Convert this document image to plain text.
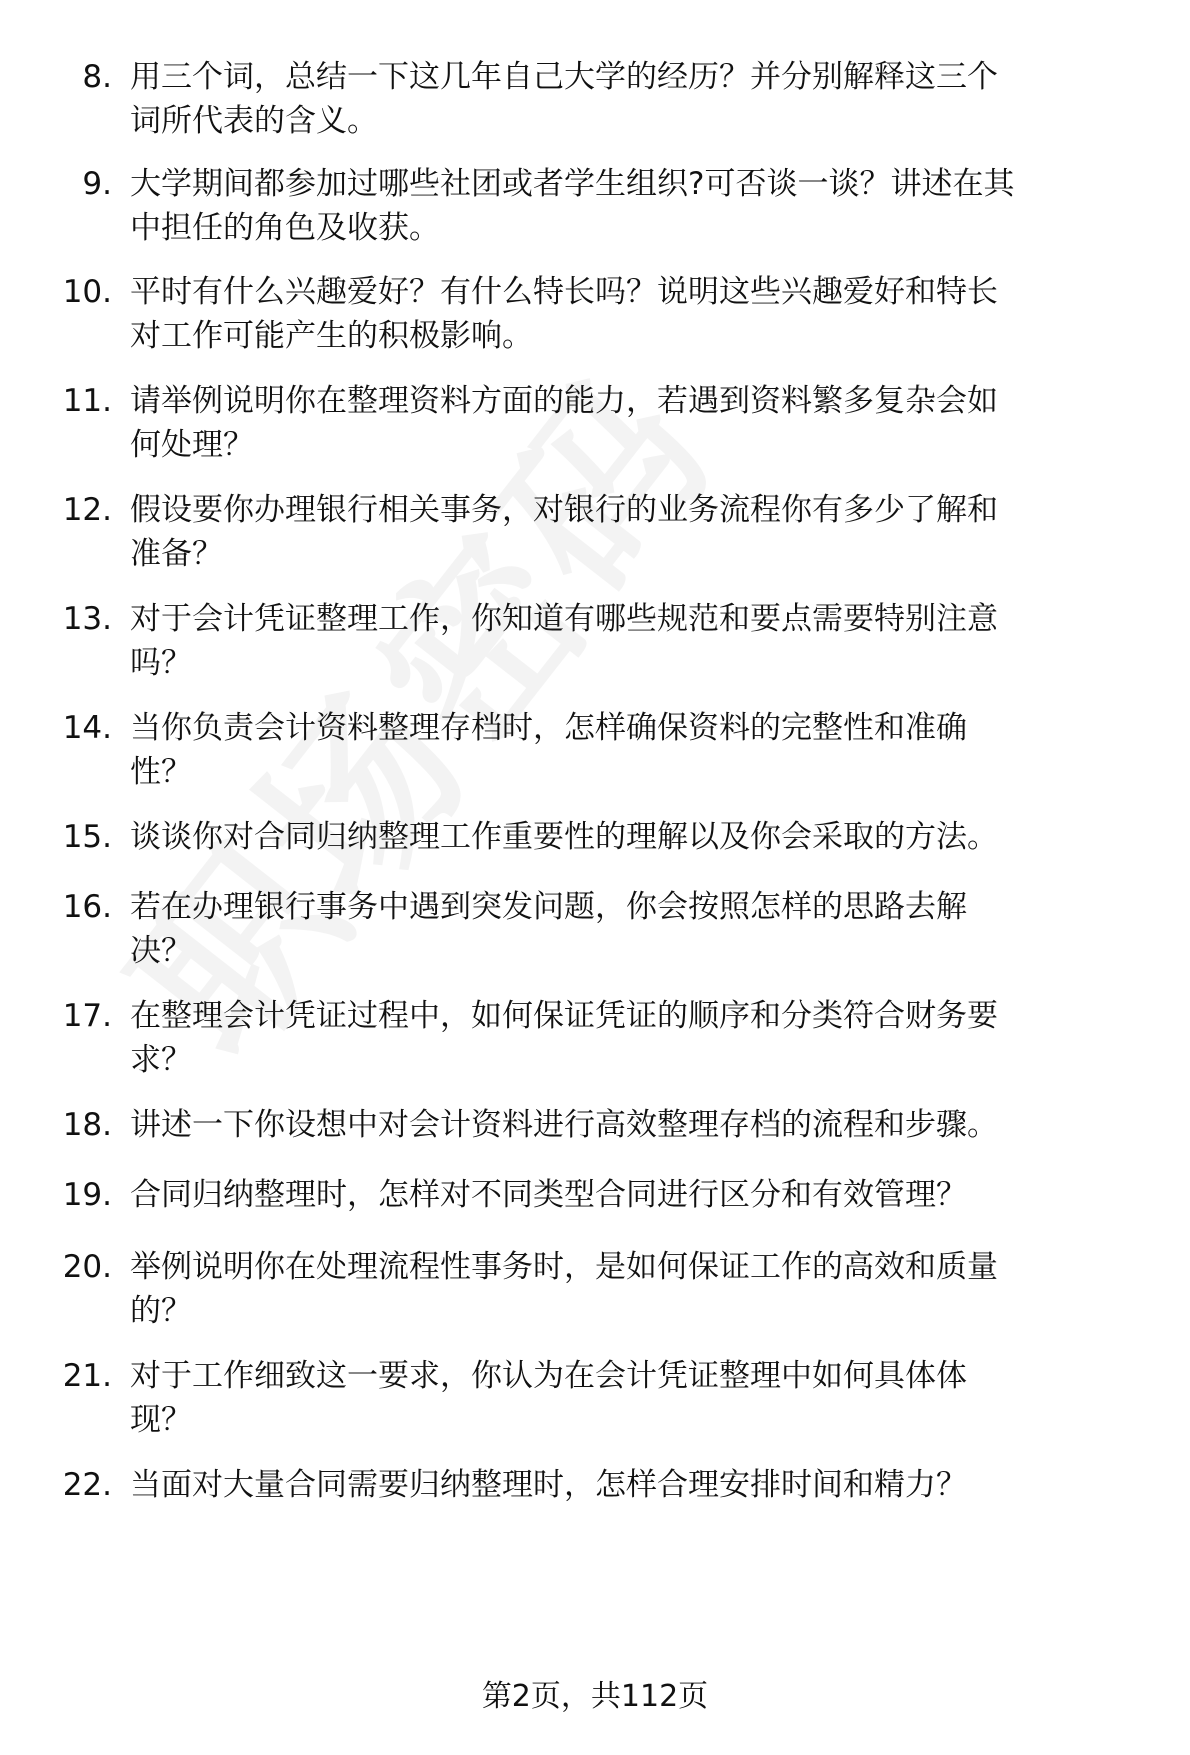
8. 用三个词，总结一下这几年自己大学的经历？并分别解释这三个
词所代表的含义。
9. 大学期间都参加过哪些社团或者学生组织?可否谈一谈？讲述在其
中担任的角色及收获。
10. 平时有什么兴趣爱好？有什么特长吗？说明这些兴趣爱好和特长
对工作可能产生的积极影响。
11. 请举例说明你在整理资料方面的能力，若遇到资料繁多复杂会如
何处理？
12. 假设要你办理银行相关事务，对银行的业务流程你有多少了解和
准备？
13. 对于会计凭证整理工作，你知道有哪些规范和要点需要特别注意
吗？
14. 当你负责会计资料整理存档时，怎样确保资料的完整性和准确
性？
15. 谈谈你对合同归纳整理工作重要性的理解以及你会采取的方法。
16. 若在办理银行事务中遇到突发问题，你会按照怎样的思路去解
决？
17. 在整理会计凭证过程中，如何保证凭证的顺序和分类符合财务要
求？
18. 讲述一下你设想中对会计资料进行高效整理存档的流程和步骤。
19. 合同归纳整理时，怎样对不同类型合同进行区分和有效管理？
20. 举例说明你在处理流程性事务时，是如何保证工作的高效和质量
的？
21. 对于工作细致这一要求，你认为在会计凭证整理中如何具体体
现？
22. 当面对大量合同需要归纳整理时，怎样合理安排时间和精力？
第2页，共112页
